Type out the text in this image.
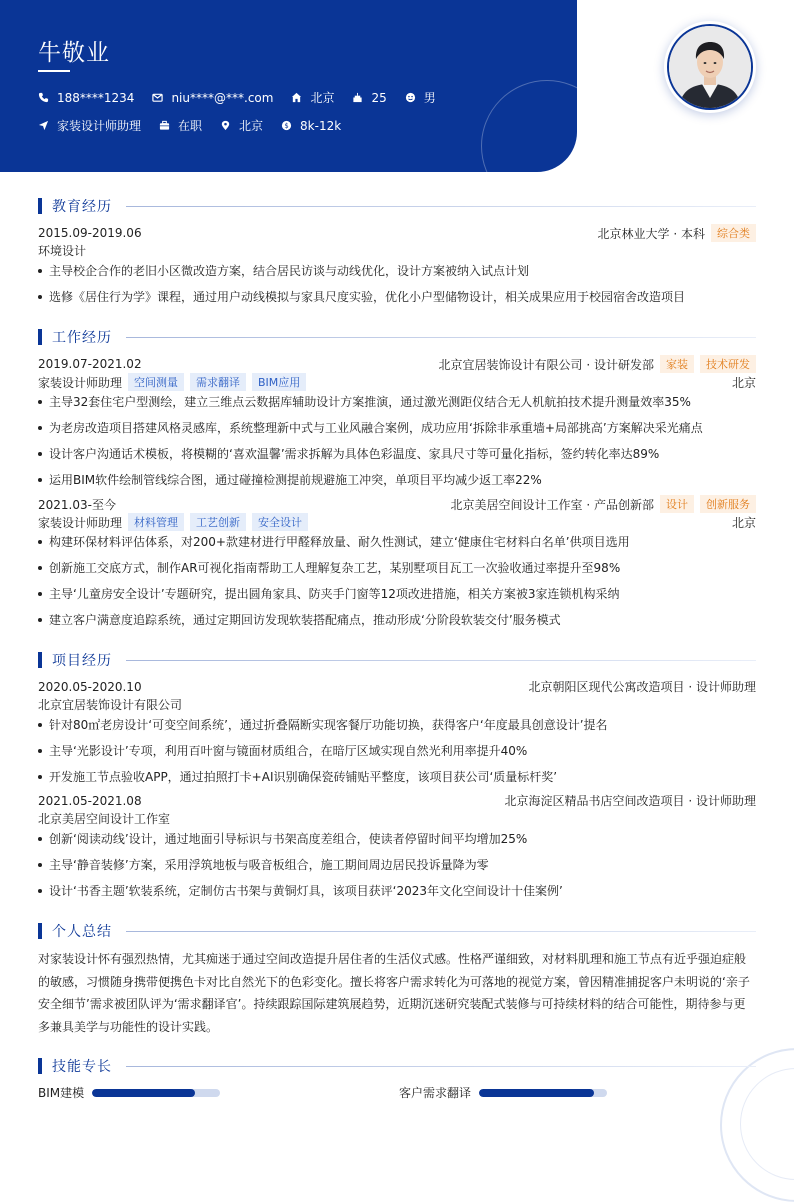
牛敬业
188****1234	niu****@***.com	北京	25	男
家装设计师助理	在职	北京	$ 8k-12k
教育经历
2015.09-2019.06	北京林业大学 · 本科	综合类
环境设计
主导校企合作的老旧小区微改造方案，结合居民访谈与动线优化，设计方案被纳入试点计划
选修《居住行为学》课程，通过用户动线模拟与家具尺度实验，优化小户型储物设计，相关成果应用于校园宿舍改造项目
工作经历
2019.07-2021.02	北京宜居装饰设计有限公司 · 设计研发部	家装	技术研发
家装设计师助理	空间测量	需求翻译	BIM应用	北京
主导32套住宅户型测绘，建立三维点云数据库辅助设计方案推演，通过激光测距仪结合无人机航拍技术提升测量效率35%
为老房改造项目搭建风格灵感库，系统整理新中式与工业风融合案例，成功应用‘拆除非承重墙+局部挑高’方案解决采光痛点
设计客户沟通话术模板，将模糊的‘喜欢温馨’需求拆解为具体色彩温度、家具尺寸等可量化指标，签约转化率达89%
运用BIM软件绘制管线综合图，通过碰撞检测提前规避施工冲突，单项目平均减少返工率22%
2021.03-至今	北京美居空间设计工作室 · 产品创新部	设计	创新服务
家装设计师助理	材料管理	工艺创新	安全设计	北京
构建环保材料评估体系，对200+款建材进行甲醛释放量、耐久性测试，建立‘健康住宅材料白名单’供项目选用
创新施工交底方式，制作AR可视化指南帮助工人理解复杂工艺，某别墅项目瓦工一次验收通过率提升至98%
主导‘儿童房安全设计’专题研究，提出圆角家具、防夹手门窗等12项改进措施，相关方案被3家连锁机构采纳
建立客户满意度追踪系统，通过定期回访发现软装搭配痛点，推动形成‘分阶段软装交付’服务模式
项目经历
2020.05-2020.10	北京朝阳区现代公寓改造项目 · 设计师助理
北京宜居装饰设计有限公司
针对80㎡老房设计‘可变空间系统’，通过折叠隔断实现客餐厅功能切换，获得客户‘年度最具创意设计’提名
主导‘光影设计’专项，利用百叶窗与镜面材质组合，在暗厅区域实现自然光利用率提升40%
开发施工节点验收APP，通过拍照打卡+AI识别确保瓷砖铺贴平整度，该项目获公司‘质量标杆奖’
2021.05-2021.08	北京海淀区精品书店空间改造项目 · 设计师助理
北京美居空间设计工作室
创新‘阅读动线’设计，通过地面引导标识与书架高度差组合，使读者停留时间平均增加25%
主导‘静音装修’方案，采用浮筑地板与吸音板组合，施工期间周边居民投诉量降为零
设计‘书香主题’软装系统，定制仿古书架与黄铜灯具，该项目获评‘2023年文化空间设计十佳案例’
个人总结
对家装设计怀有强烈热情，尤其痴迷于通过空间改造提升居住者的生活仪式感。性格严谨细致，对材料肌理和施工节点有近乎强迫症般的敏感，习惯随身携带便携色卡对比自然光下的色彩变化。擅长将客户需求转化为可落地的视觉方案，曾因精准捕捉客户未明说的‘亲子安全细节’需求被团队评为‘需求翻译官’。持续跟踪国际建筑展趋势，近期沉迷研究装配式装修与可持续材料的结合可能性，期待参与更多兼具美学与功能性的设计实践。
技能专长
BIM建模	客户需求翻译
